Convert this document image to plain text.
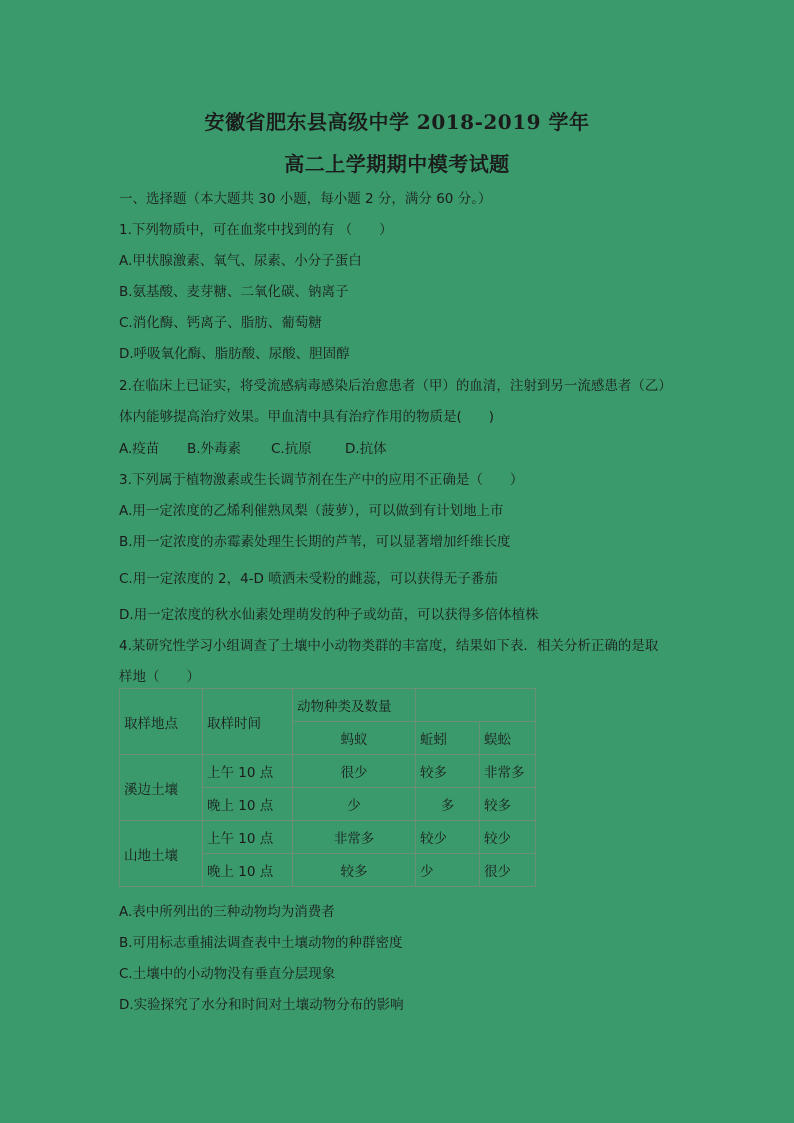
安徽省肥东县高级中学 2018-2019 学年
高二上学期期中模考试题
一、选择题（本大题共 30 小题，每小题 2 分，满分 60 分。）
1.下列物质中，可在血浆中找到的有 （　　）
A.甲状腺激素、氧气、尿素、小分子蛋白
B.氨基酸、麦芽糖、二氧化碳、钠离子
C.消化酶、钙离子、脂肪、葡萄糖
D.呼吸氧化酶、脂肪酸、尿酸、胆固醇
2.在临床上已证实，将受流感病毒感染后治愈患者（甲）的血清，注射到另一流感患者（乙）
体内能够提高治疗效果。甲血清中具有治疗作用的物质是(　　)
A.疫苗 B.外毒素 C.抗原 D.抗体
3.下列属于植物激素或生长调节剂在生产中的应用不正确是（　　）
A.用一定浓度的乙烯利催熟凤梨（菠萝），可以做到有计划地上市
B.用一定浓度的赤霉素处理生长期的芦苇，可以显著增加纤维长度
C.用一定浓度的 2，4-D 喷洒未受粉的雌蕊，可以获得无子番茄
D.用一定浓度的秋水仙素处理萌发的种子或幼苗，可以获得多倍体植株
4.某研究性学习小组调查了土壤中小动物类群的丰富度，结果如下表．相关分析正确的是取
样地（　　）
取样地点	取样时间	动物种类及数量		
		蚂蚁	蚯蚓	蜈蚣
溪边土壤	上午 10 点	很少	较多	非常多
	晚上 10 点	少	多	较多
山地土壤	上午 10 点	非常多	较少	较少
	晚上 10 点	较多	少	很少
A.表中所列出的三种动物均为消费者
B.可用标志重捕法调查表中土壤动物的种群密度
C.土壤中的小动物没有垂直分层现象
D.实验探究了水分和时间对土壤动物分布的影响
